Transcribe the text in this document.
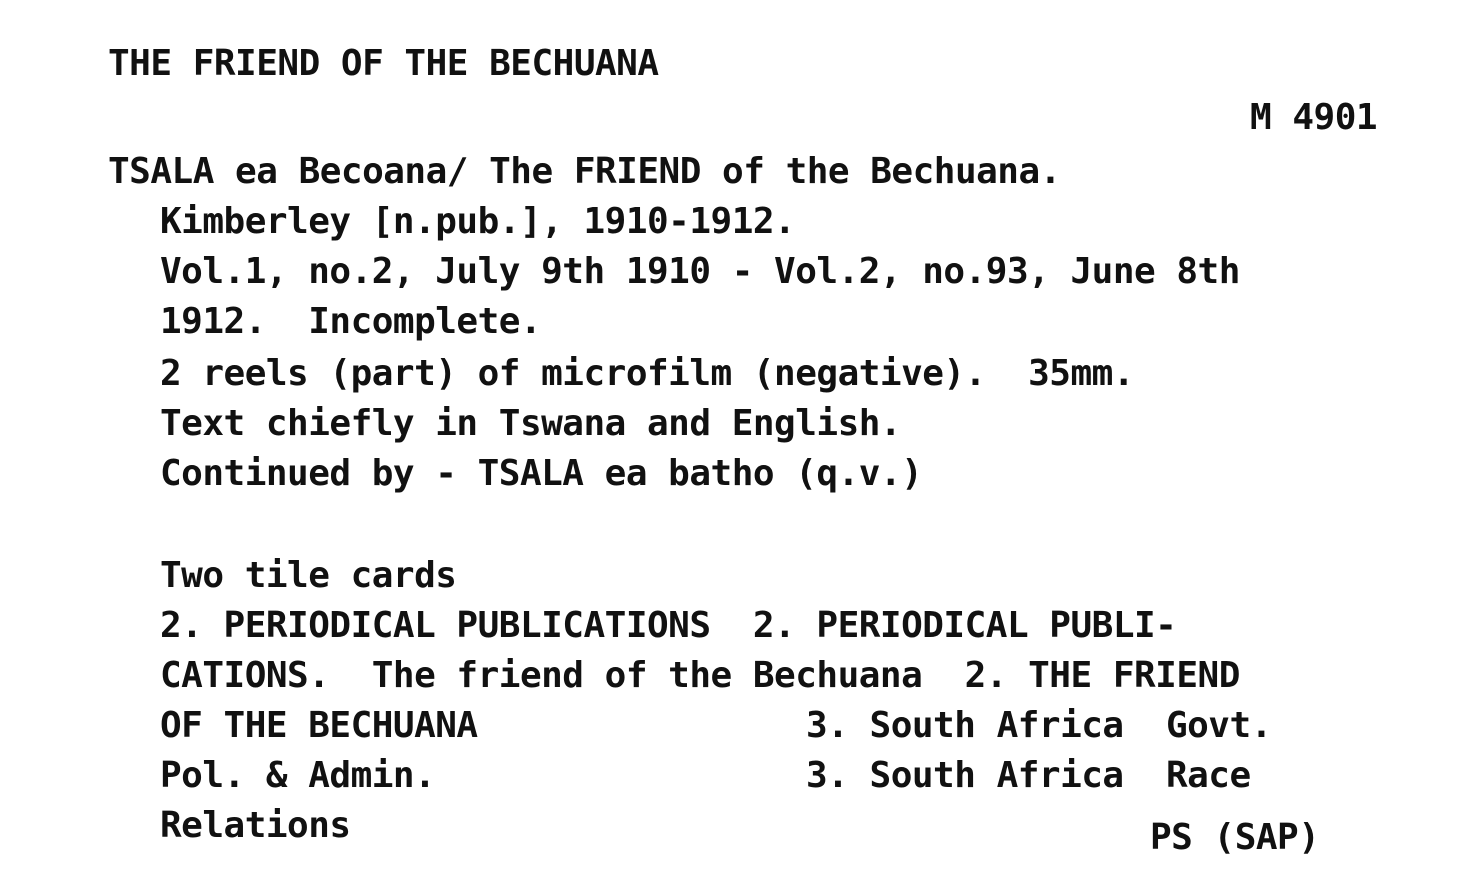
THE FRIEND OF THE BECHUANA
M 4901
TSALA ea Becoana/ The FRIEND of the Bechuana.
Kimberley [n.pub.], 1910-1912.
Vol.1, no.2, July 9th 1910 - Vol.2, no.93, June 8th
1912.  Incomplete.
2 reels (part) of microfilm (negative).  35mm.
Text chiefly in Tswana and English.
Continued by - TSALA ea batho (q.v.)
Two tile cards
2. PERIODICAL PUBLICATIONS  2. PERIODICAL PUBLI-
CATIONS.  The friend of the Bechuana  2. THE FRIEND
OF THE BECHUANA	3. South Africa  Govt.
Pol. & Admin.	3. South Africa  Race
Relations	PS (SAP)
